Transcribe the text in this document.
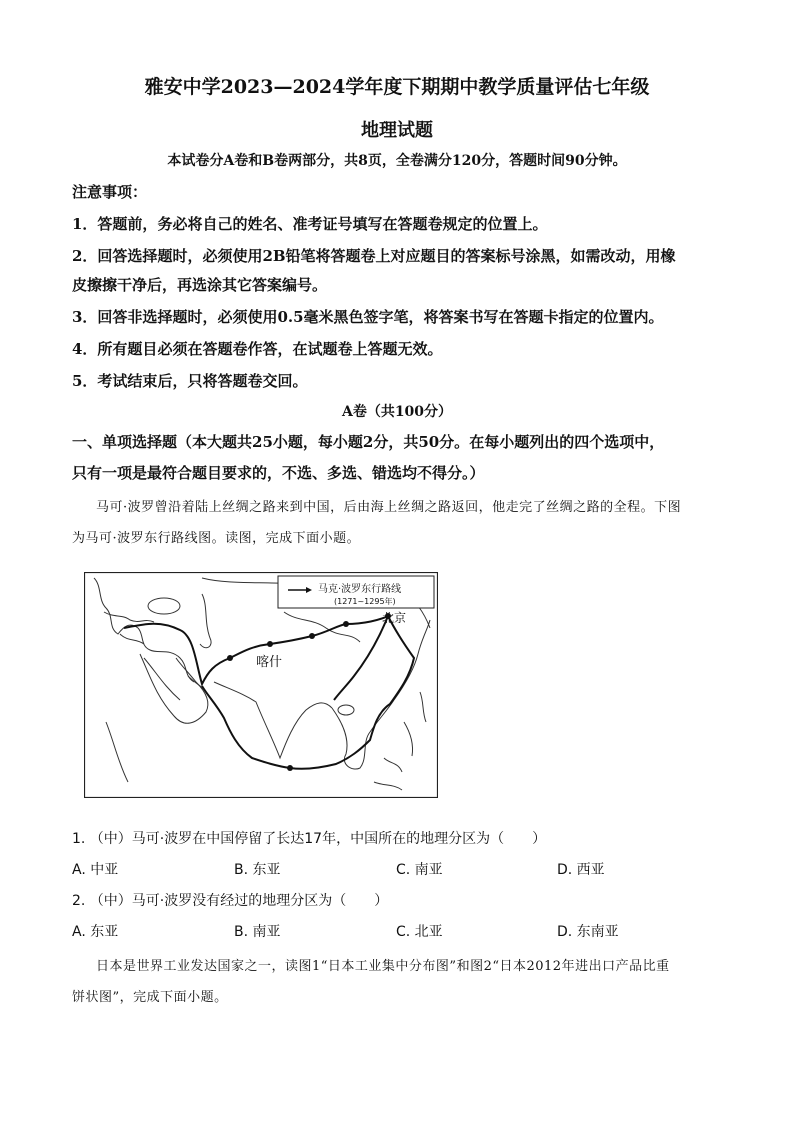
雅安中学2023—2024学年度下期期中教学质量评估七年级
地理试题
本试卷分A卷和B卷两部分，共8页，全卷满分120分，答题时间90分钟。
注意事项：
1．答题前，务必将自己的姓名、准考证号填写在答题卷规定的位置上。
2．回答选择题时，必须使用2B铅笔将答题卷上对应题目的答案标号涂黑，如需改动，用橡
皮擦擦干净后，再选涂其它答案编号。
3．回答非选择题时，必须使用0.5毫米黑色签字笔，将答案书写在答题卡指定的位置内。
4．所有题目必须在答题卷作答，在试题卷上答题无效。
5．考试结束后，只将答题卷交回。
A卷（共100分）
一、单项选择题（本大题共25小题，每小题2分，共50分。在每小题列出的四个选项中，
只有一项是最符合题目要求的，不选、多选、错选均不得分。）
马可·波罗曾沿着陆上丝绸之路来到中国，后由海上丝绸之路返回，他走完了丝绸之路的全程。下图
为马可·波罗东行路线图。读图，完成下面小题。
马克·波罗东行路线
(1271~1295年)
北京
喀什
1. （中）马可·波罗在中国停留了长达17年，中国所在的地理分区为（　　）
A. 中亚	B. 东亚	C. 南亚	D. 西亚
2. （中）马可·波罗没有经过的地理分区为（　　）
A. 东亚	B. 南亚	C. 北亚	D. 东南亚
日本是世界工业发达国家之一，读图1“日本工业集中分布图”和图2“日本2012年进出口产品比重
饼状图”，完成下面小题。
